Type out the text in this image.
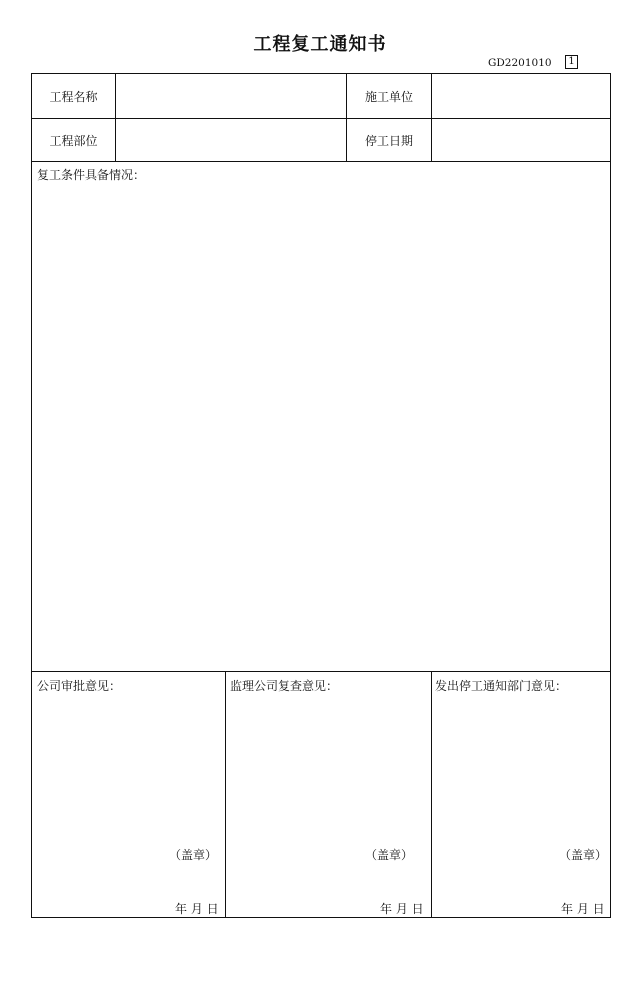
工程复工通知书
GD2201010	1
工程名称	施工单位
工程部位	停工日期
复工条件具备情况：
公司审批意见：
（盖章）
年 月 日
监理公司复查意见：
（盖章）
年 月 日
发出停工通知部门意见：
（盖章）
年 月 日
